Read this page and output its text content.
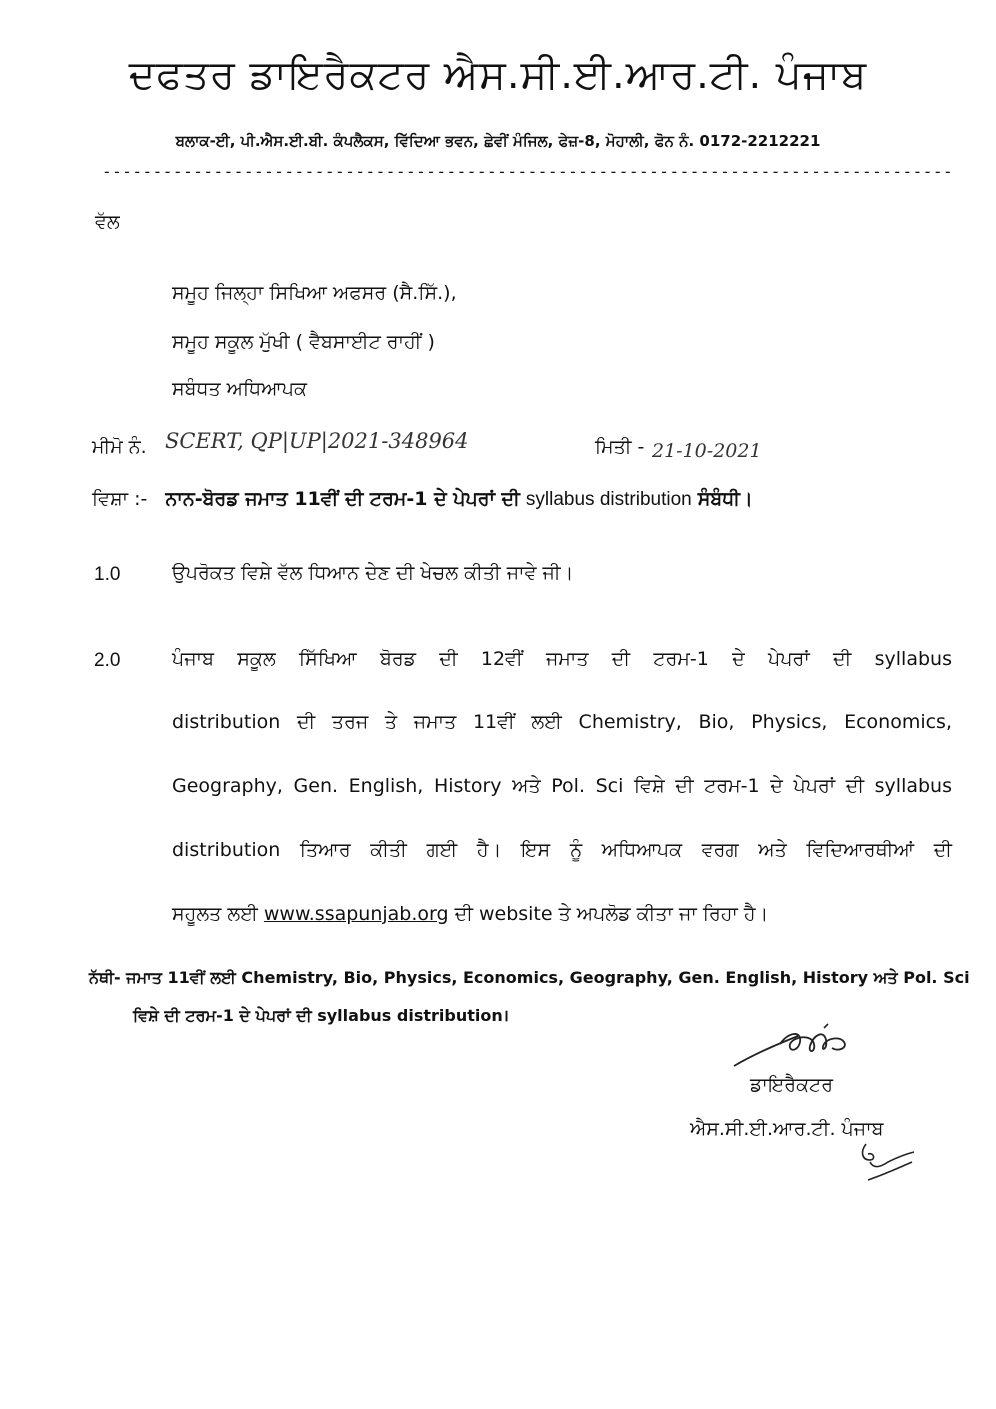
ਦਫਤਰ ਡਾਇਰੈਕਟਰ ਐਸ.ਸੀ.ਈ.ਆਰ.ਟੀ. ਪੰਜਾਬ
ਬਲਾਕ-ਈ, ਪੀ.ਐਸ.ਈ.ਬੀ. ਕੰਪਲੈਕਸ, ਵਿੱਦਿਆ ਭਵਨ, ਛੇਵੀਂ ਮੰਜਿਲ, ਫੇਜ਼-8, ਮੋਹਾਲੀ, ਫੋਨ ਨੰ. 0172-2212221
------------------------------------------------------------------------------------
ਵੱਲ
ਸਮੂਹ ਜਿਲ੍ਹਾ ਸਿਖਿਆ ਅਫਸਰ (ਸੈ.ਸਿੱ.),
ਸਮੂਹ ਸਕੂਲ ਮੁੱਖੀ ( ਵੈਬਸਾਈਟ ਰਾਹੀਂ )
ਸਬੰਧਤ ਅਧਿਆਪਕ
ਮੀਮੋ ਨੰ. SCERT, QP|UP|2021-348964	ਮਿਤੀ - 21-10-2021
ਵਿਸ਼ਾ :- ਨਾਨ-ਬੋਰਡ ਜਮਾਤ 11ਵੀਂ ਦੀ ਟਰਮ-1 ਦੇ ਪੇਪਰਾਂ ਦੀ syllabus distribution ਸੰਬੰਧੀ।
1.0	ਉਪਰੋਕਤ ਵਿਸ਼ੇ ਵੱਲ ਧਿਆਨ ਦੇਣ ਦੀ ਖੇਚਲ ਕੀਤੀ ਜਾਵੇ ਜੀ।
2.0	ਪੰਜਾਬ ਸਕੂਲ ਸਿੱਖਿਆ ਬੋਰਡ ਦੀ 12ਵੀਂ ਜਮਾਤ ਦੀ ਟਰਮ-1 ਦੇ ਪੇਪਰਾਂ ਦੀ syllabus
distribution ਦੀ ਤਰਜ ਤੇ ਜਮਾਤ 11ਵੀਂ ਲਈ Chemistry, Bio, Physics, Economics,
Geography, Gen. English, History ਅਤੇ Pol. Sci ਵਿਸ਼ੇ ਦੀ ਟਰਮ-1 ਦੇ ਪੇਪਰਾਂ ਦੀ syllabus
distribution ਤਿਆਰ ਕੀਤੀ ਗਈ ਹੈ। ਇਸ ਨੂੰ ਅਧਿਆਪਕ ਵਰਗ ਅਤੇ ਵਿਦਿਆਰਥੀਆਂ ਦੀ
ਸਹੂਲਤ ਲਈ www.ssapunjab.org ਦੀ website ਤੇ ਅਪਲੋਡ ਕੀਤਾ ਜਾ ਰਿਹਾ ਹੈ।
ਨੱਥੀ- ਜਮਾਤ 11ਵੀਂ ਲਈ Chemistry, Bio, Physics, Economics, Geography, Gen. English, History ਅਤੇ Pol. Sci
ਵਿਸ਼ੇ ਦੀ ਟਰਮ-1 ਦੇ ਪੇਪਰਾਂ ਦੀ syllabus distribution।
ਡਾਇਰੈਕਟਰ
ਐਸ.ਸੀ.ਈ.ਆਰ.ਟੀ. ਪੰਜਾਬ
